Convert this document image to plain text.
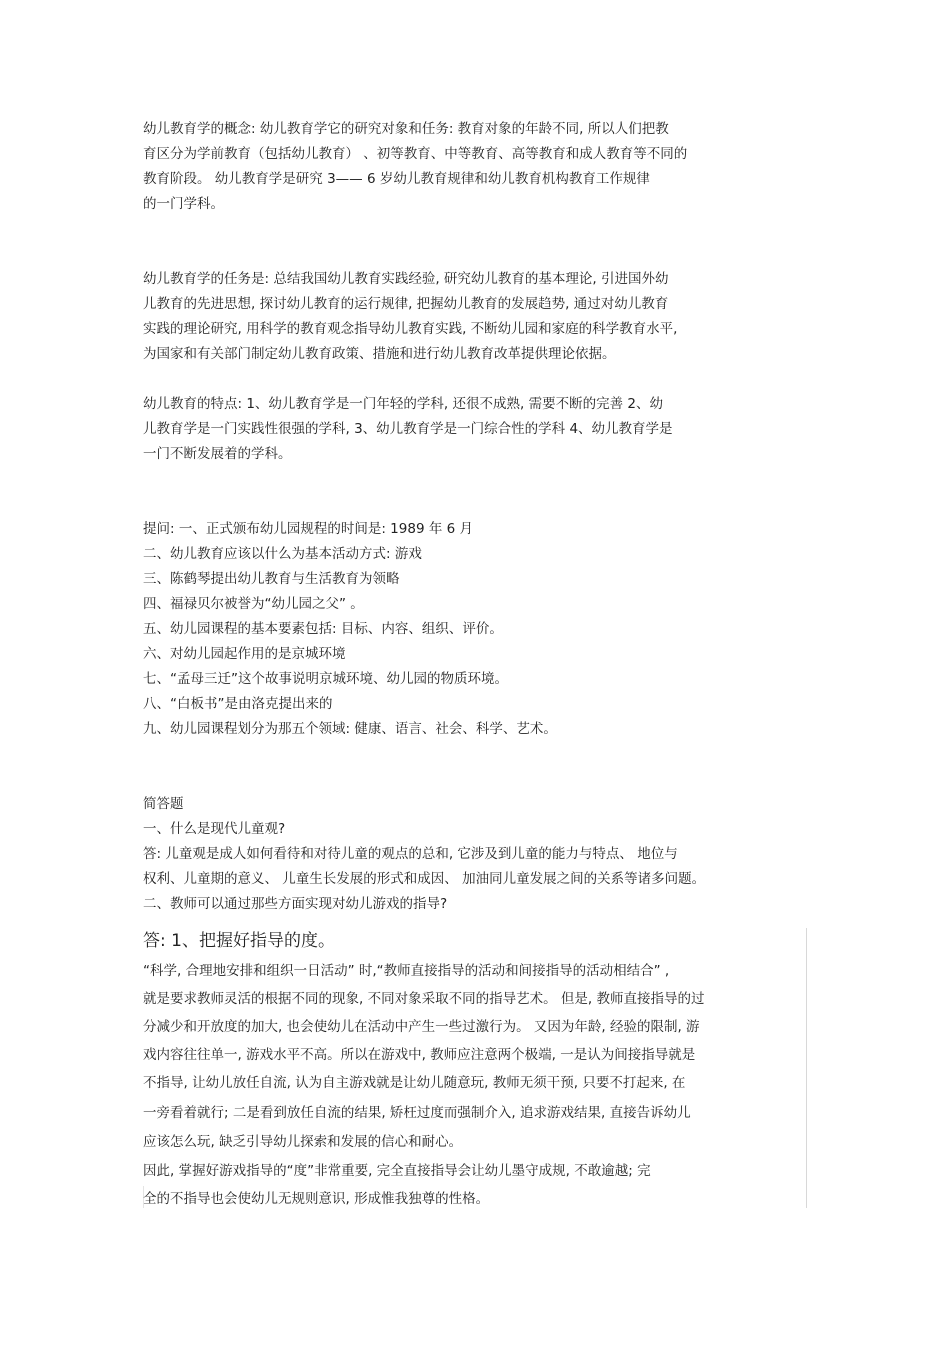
幼儿教育学的概念: 幼儿教育学它的研究对象和任务: 教育对象的年龄不同, 所以人们把教
育区分为学前教育（包括幼儿教育） 、初等教育、中等教育、高等教育和成人教育等不同的
教育阶段。 幼儿教育学是研究 3—— 6 岁幼儿教育规律和幼儿教育机构教育工作规律
的一门学科。
幼儿教育学的任务是: 总结我国幼儿教育实践经验, 研究幼儿教育的基本理论, 引进国外幼
儿教育的先进思想, 探讨幼儿教育的运行规律, 把握幼儿教育的发展趋势, 通过对幼儿教育
实践的理论研究, 用科学的教育观念指导幼儿教育实践, 不断幼儿园和家庭的科学教育水平,
为国家和有关部门制定幼儿教育政策、措施和进行幼儿教育改革提供理论依据。
幼儿教育的特点: 1、幼儿教育学是一门年轻的学科, 还很不成熟, 需要不断的完善 2、幼
儿教育学是一门实践性很强的学科, 3、幼儿教育学是一门综合性的学科 4、幼儿教育学是
一门不断发展着的学科。
提问: 一、正式颁布幼儿园规程的时间是: 1989 年 6 月
二、幼儿教育应该以什么为基本活动方式: 游戏
三、陈鹤琴提出幼儿教育与生活教育为领略
四、福禄贝尔被誉为“幼儿园之父” 。
五、幼儿园课程的基本要素包括: 目标、内容、组织、评价。
六、对幼儿园起作用的是京城环境
七、“孟母三迁”这个故事说明京城环境、幼儿园的物质环境。
八、“白板书”是由洛克提出来的
九、幼儿园课程划分为那五个领域: 健康、语言、社会、科学、艺术。
简答题
一、什么是现代儿童观?
答: 儿童观是成人如何看待和对待儿童的观点的总和, 它涉及到儿童的能力与特点、 地位与
权利、儿童期的意义、 儿童生长发展的形式和成因、 加油同儿童发展之间的关系等诸多问题。
二、教师可以通过那些方面实现对幼儿游戏的指导?
答: 1、把握好指导的度。
“科学, 合理地安排和组织一日活动” 时,“教师直接指导的活动和间接指导的活动相结合” ,
就是要求教师灵活的根据不同的现象, 不同对象采取不同的指导艺术。 但是, 教师直接指导的过
分减少和开放度的加大, 也会使幼儿在活动中产生一些过激行为。 又因为年龄, 经验的限制, 游
戏内容往往单一, 游戏水平不高。所以在游戏中, 教师应注意两个极端, 一是认为间接指导就是
不指导, 让幼儿放任自流, 认为自主游戏就是让幼儿随意玩, 教师无须干预, 只要不打起来, 在
一旁看着就行; 二是看到放任自流的结果, 矫枉过度而强制介入, 追求游戏结果, 直接告诉幼儿
应该怎么玩, 缺乏引导幼儿探索和发展的信心和耐心。
因此, 掌握好游戏指导的“度”非常重要, 完全直接指导会让幼儿墨守成规, 不敢逾越; 完
全的不指导也会使幼儿无规则意识, 形成惟我独尊的性格。
